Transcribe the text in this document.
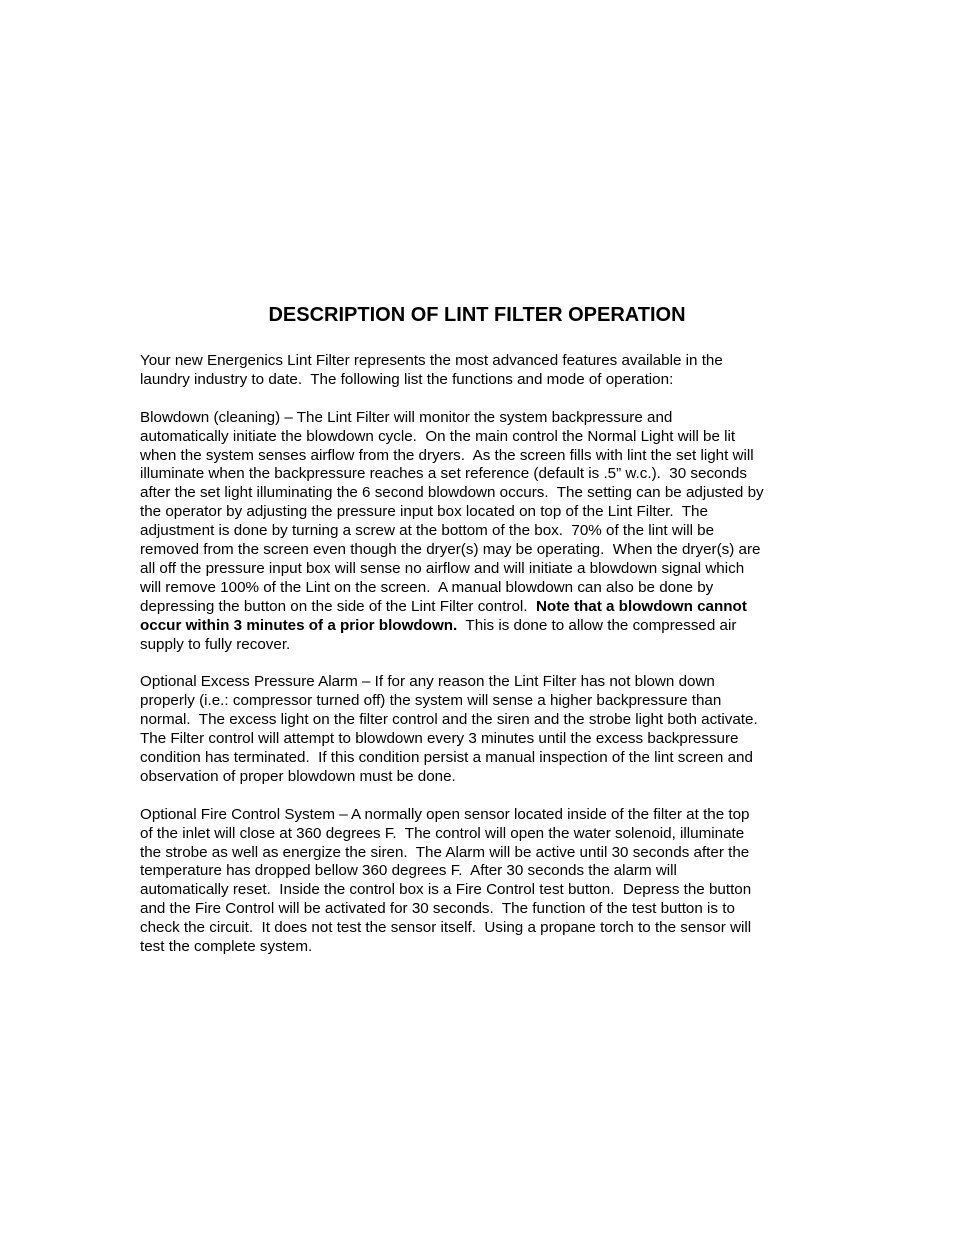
DESCRIPTION OF LINT FILTER OPERATION

Your new Energenics Lint Filter represents the most advanced features available in the
laundry industry to date.  The following list the functions and mode of operation:

Blowdown (cleaning) – The Lint Filter will monitor the system backpressure and
automatically initiate the blowdown cycle.  On the main control the Normal Light will be lit
when the system senses airflow from the dryers.  As the screen fills with lint the set light will
illuminate when the backpressure reaches a set reference (default is .5” w.c.).  30 seconds
after the set light illuminating the 6 second blowdown occurs.  The setting can be adjusted by
the operator by adjusting the pressure input box located on top of the Lint Filter.  The
adjustment is done by turning a screw at the bottom of the box.  70% of the lint will be
removed from the screen even though the dryer(s) may be operating.  When the dryer(s) are
all off the pressure input box will sense no airflow and will initiate a blowdown signal which
will remove 100% of the Lint on the screen.  A manual blowdown can also be done by
depressing the button on the side of the Lint Filter control.  Note that a blowdown cannot
occur within 3 minutes of a prior blowdown.  This is done to allow the compressed air
supply to fully recover.

Optional Excess Pressure Alarm – If for any reason the Lint Filter has not blown down
properly (i.e.: compressor turned off) the system will sense a higher backpressure than
normal.  The excess light on the filter control and the siren and the strobe light both activate.
The Filter control will attempt to blowdown every 3 minutes until the excess backpressure
condition has terminated.  If this condition persist a manual inspection of the lint screen and
observation of proper blowdown must be done.

Optional Fire Control System – A normally open sensor located inside of the filter at the top
of the inlet will close at 360 degrees F.  The control will open the water solenoid, illuminate
the strobe as well as energize the siren.  The Alarm will be active until 30 seconds after the
temperature has dropped bellow 360 degrees F.  After 30 seconds the alarm will
automatically reset.  Inside the control box is a Fire Control test button.  Depress the button
and the Fire Control will be activated for 30 seconds.  The function of the test button is to
check the circuit.  It does not test the sensor itself.  Using a propane torch to the sensor will
test the complete system.
